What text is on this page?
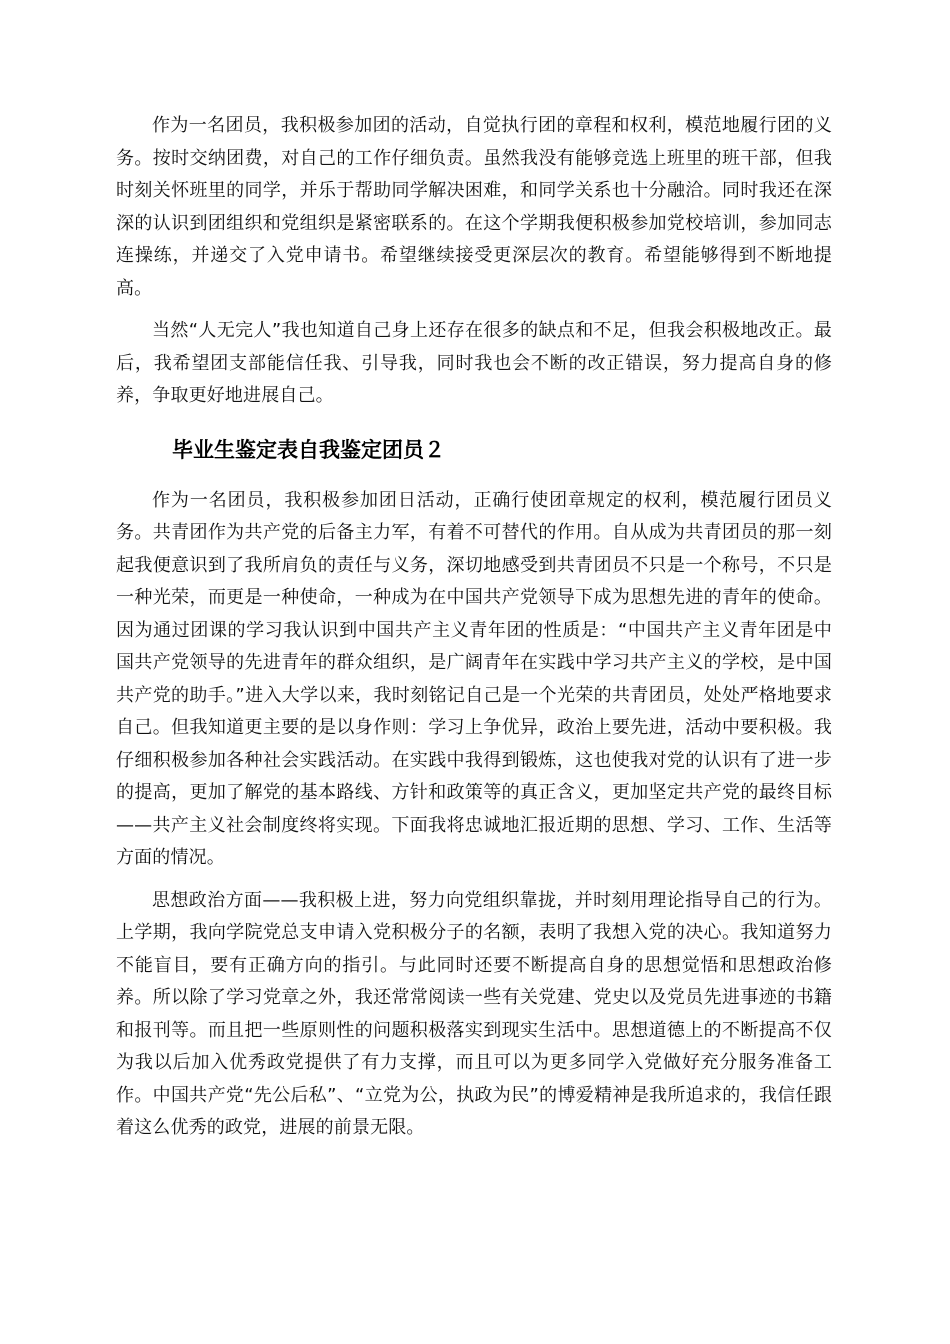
作为一名团员，我积极参加团的活动，自觉执行团的章程和权利，模范地履行团的义务。按时交纳团费，对自己的工作仔细负责。虽然我没有能够竞选上班里的班干部，但我时刻关怀班里的同学，并乐于帮助同学解决困难，和同学关系也十分融洽。同时我还在深深的认识到团组织和党组织是紧密联系的。在这个学期我便积极参加党校培训，参加同志连操练，并递交了入党申请书。希望继续接受更深层次的教育。希望能够得到不断地提高。

当然“人无完人”我也知道自己身上还存在很多的缺点和不足，但我会积极地改正。最后，我希望团支部能信任我、引导我，同时我也会不断的改正错误，努力提高自身的修养，争取更好地进展自己。

毕业生鉴定表自我鉴定团员２

作为一名团员，我积极参加团日活动，正确行使团章规定的权利，模范履行团员义务。共青团作为共产党的后备主力军，有着不可替代的作用。自从成为共青团员的那一刻起我便意识到了我所肩负的责任与义务，深切地感受到共青团员不只是一个称号，不只是一种光荣，而更是一种使命，一种成为在中国共产党领导下成为思想先进的青年的使命。因为通过团课的学习我认识到中国共产主义青年团的性质是：“中国共产主义青年团是中国共产党领导的先进青年的群众组织，是广阔青年在实践中学习共产主义的学校，是中国共产党的助手。”进入大学以来，我时刻铭记自己是一个光荣的共青团员，处处严格地要求自己。但我知道更主要的是以身作则：学习上争优异，政治上要先进，活动中要积极。我仔细积极参加各种社会实践活动。在实践中我得到锻炼，这也使我对党的认识有了进一步的提高，更加了解党的基本路线、方针和政策等的真正含义，更加坚定共产党的最终目标——共产主义社会制度终将实现。下面我将忠诚地汇报近期的思想、学习、工作、生活等方面的情况。

思想政治方面——我积极上进，努力向党组织靠拢，并时刻用理论指导自己的行为。上学期，我向学院党总支申请入党积极分子的名额，表明了我想入党的决心。我知道努力不能盲目，要有正确方向的指引。与此同时还要不断提高自身的思想觉悟和思想政治修养。所以除了学习党章之外，我还常常阅读一些有关党建、党史以及党员先进事迹的书籍和报刊等。而且把一些原则性的问题积极落实到现实生活中。思想道德上的不断提高不仅为我以后加入优秀政党提供了有力支撑，而且可以为更多同学入党做好充分服务准备工作。中国共产党“先公后私”、“立党为公，执政为民”的博爱精神是我所追求的，我信任跟着这么优秀的政党，进展的前景无限。
